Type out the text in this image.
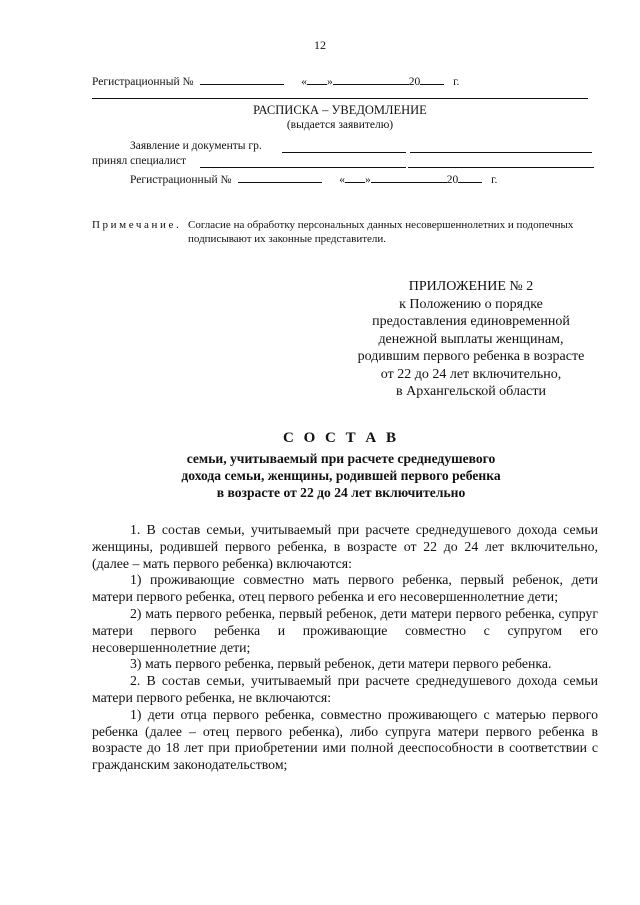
12
Регистрационный №	« »	20	г.
РАСПИСКА – УВЕДОМЛЕНИЕ
(выдается заявителю)
Заявление и документы гр.
принял специалист
Регистрационный №	« »	20	г.
Примечание. Согласие на обработку персональных данных несовершеннолетних и подопечных подписывают их законные представители.
ПРИЛОЖЕНИЕ № 2
к Положению о порядке
предоставления единовременной
денежной выплаты женщинам,
родившим первого ребенка в возрасте
от 22 до 24 лет включительно,
в Архангельской области
С О С Т А В
семьи, учитываемый при расчете среднедушевого
дохода семьи, женщины, родившей первого ребенка
в возрасте от 22 до 24 лет включительно

1. В состав семьи, учитываемый при расчете среднедушевого дохода семьи женщины, родившей первого ребенка, в возрасте от 22 до 24 лет включительно, (далее – мать первого ребенка) включаются:

1) проживающие совместно мать первого ребенка, первый ребенок, дети матери первого ребенка, отец первого ребенка и его несовершеннолетние дети;

2) мать первого ребенка, первый ребенок, дети матери первого ребенка, супруг матери первого ребенка и проживающие совместно с супругом его несовершеннолетние дети;

3) мать первого ребенка, первый ребенок, дети матери первого ребенка.

2. В состав семьи, учитываемый при расчете среднедушевого дохода семьи матери первого ребенка, не включаются:

1) дети отца первого ребенка, совместно проживающего с матерью первого ребенка (далее – отец первого ребенка), либо супруга матери первого ребенка в возрасте до 18 лет при приобретении ими полной дееспособности в соответствии с гражданским законодательством;
